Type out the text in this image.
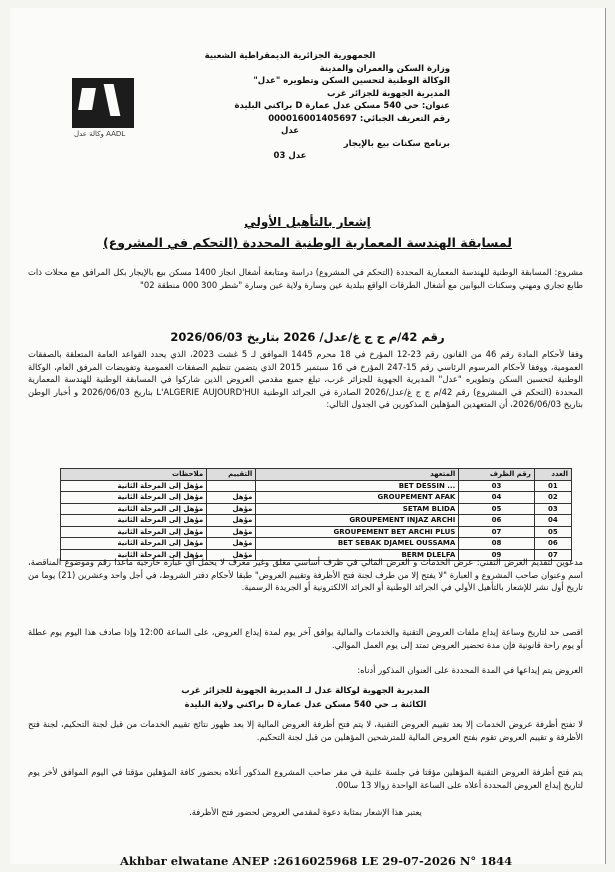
وكالة عدل AADL
الجمهورية الجزائرية الديمقراطية الشعبية
وزارة السكن والعمران والمدينة
الوكالة الوطنية لتحسين السكن وتطويره "عدل"
المديرية الجهوية للجزائر غرب
عنوان: حي 540 مسكن عدل عمارة D براكني البليدة
رقم التعريف الجبائي: 000016001405697
عدل
برنامج سكنات بيع بالإيجار
عدل 03
إشعار بالتأهيل الأولي
لمسابقة الهندسة المعمارية الوطنية المحددة (التحكم في المشروع)
مشروع: المسابقة الوطنية للهندسة المعمارية المحددة (التحكم في المشروع) دراسة ومتابعة أشغال انجاز 1400 مسكن بيع بالإيجار بكل المرافق مع محلات ذات طابع تجاري ومهني وسكنات البوابين مع أشغال الطرقات الواقع ببلدية عين وسارة ولاية عين وسارة "شطر 300 000 منطقة 02"
رقم 42/م ج ج غ/عدل/ 2026 بتاريخ 2026/06/03
وفقا لأحكام المادة رقم 46 من القانون رقم 23-12 المؤرخ في 18 محرم 1445 الموافق لـ 5 غشت 2023، الذي يحدد القواعد العامة المتعلقة بالصفقات العمومية، ووفقا لأحكام المرسوم الرئاسي رقم 15-247 المؤرخ في 16 سبتمبر 2015 الذي يتضمن تنظيم الصفقات العمومية وتفويضات المرفق العام، الوكالة الوطنية لتحسين السكن وتطويره "عدل" المديرية الجهوية للجزائر غرب، تبلغ جميع مقدمي العروض الذين شاركوا في المسابقة الوطنية للهندسة المعمارية المحددة (التحكم في المشروع) رقم 42/م ج ج غ/عدل/2026 الصادرة في الجرائد الوطنية L'ALGERIE AUJOURD'HUI بتاريخ 2026/06/03 و أخبار الوطن بتاريخ 2026/06/03، أن المتعهدين المؤهلين المذكورين في الجدول التالي:
العدد	رقم الظرف	المتعهد	التقييم	ملاحظات
01	03	BET DESSIN ...		مؤهل إلى المرحلة الثانية
02	04	GROUPEMENT AFAK	مؤهل	مؤهل إلى المرحلة الثانية
03	05	SETAM BLIDA	مؤهل	مؤهل إلى المرحلة الثانية
04	06	GROUPEMENT INJAZ ARCHI	مؤهل	مؤهل إلى المرحلة الثانية
05	07	GROUPEMENT BET ARCHI PLUS	مؤهل	مؤهل إلى المرحلة الثانية
06	08	BET SEBAK DJAMEL OUSSAMA	مؤهل	مؤهل إلى المرحلة الثانية
07	09	BERM DLELFA	مؤهل	مؤهل إلى المرحلة الثانية
مدعوين لتقديم العرض التقني: عرض الخدمات و العرض المالي في ظرف أساسي مغلق وغير معرف لا يحمل أي عبارة خارجية ماعدا رقم وموضوع المناقصة، اسم وعنوان صاحب المشروع و العبارة "لا يفتح إلا من طرف لجنة فتح الأظرفة وتقييم العروض" طبقا لأحكام دفتر الشروط، في أجل واحد وعشرين (21) يوما من تاريخ أول نشر للإشعار بالتأهيل الأولي في الجرائد الوطنية أو الجرائد الالكترونية أو الجريدة الرسمية.
اقصى حد لتاريخ وساعة إيداع ملفات العروض التقنية والخدمات والمالية يوافق آخر يوم لمدة إيداع العروض، على الساعة 12:00 وإذا صادف هذا اليوم يوم عطلة أو يوم راحة قانونية فإن مدة تحضير العروض تمتد إلى يوم العمل الموالي.
العروض يتم إيداعها في المدة المحددة على العنوان المذكور أدناه:
المديرية الجهوية لوكالة عدل لـ المديرية الجهوية للجزائر غرب
الكائنة بـ حي 540 مسكن عدل عمارة D براكني ولاية البليدة
لا تفتح أظرفة عروض الخدمات إلا بعد تقييم العروض التقنية، لا يتم فتح أظرفة العروض المالية إلا بعد ظهور نتائج تقييم الخدمات من قبل لجنة التحكيم، لجنة فتح الأظرفة و تقييم العروض تقوم بفتح العروض المالية للمترشحين المؤهلين من قبل لجنة التحكيم.
يتم فتح أظرفة العروض التقنية المؤهلين مؤقتا في جلسة علنية في مقر صاحب المشروع المذكور أعلاه بحضور كافة المؤهلين مؤقتا في اليوم الموافق لأخر يوم لتاريخ إيداع العروض المحددة أعلاه على الساعة الواحدة زوالا 13 سا00.
يعتبر هذا الإشعار بمثابة دعوة لمقدمي العروض لحضور فتح الأظرفة.
Akhbar elwatane ANEP :2616025968 LE 29-07-2026 N° 1844
